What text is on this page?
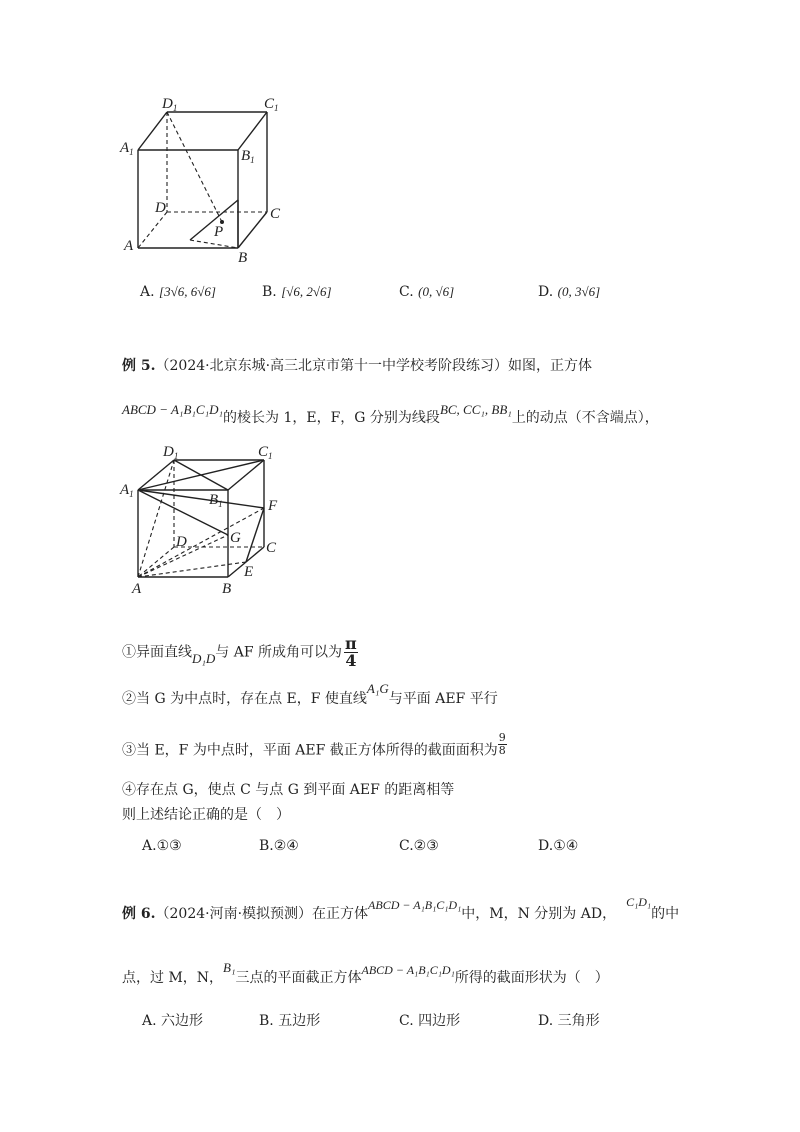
$D_1$	$C_1$
$A_1$	$B_1$
D	C
A
B
P
A. [3√6, 6√6]	B. [√6, 2√6]	C. (0, √6]	D. (0, 3√6]
例 5.（2024·北京东城·高三北京市第十一中学校考阶段练习）如图，正方体
ABCD − A₁B₁C₁D₁的棱长为 1，E，F，G 分别为线段BC, CC₁, BB₁上的动点（不含端点），
$D_1$	$C_1$
$A_1$	$B_1$	F
G
D	C
E
A	B
①异面直线D₁D与 AF 所成角可以为 $\frac{\pi}{4}$
②当 G 为中点时，存在点 E，F 使直线A₁G与平面 AEF 平行
③当 E，F 为中点时，平面 AEF 截正方体所得的截面面积为 $\frac{9}{8}$
④存在点 G，使点 C 与点 G 到平面 AEF 的距离相等
则上述结论正确的是（　）
A.①③	B.②④	C.②③	D.①④
例 6.（2024·河南·模拟预测）在正方体ABCD − A₁B₁C₁D₁中，M，N 分别为 AD，C₁D₁的中
点，过 M，N，B₁三点的平面截正方体ABCD − A₁B₁C₁D₁所得的截面形状为（　）
A. 六边形	B. 五边形	C. 四边形	D. 三角形
